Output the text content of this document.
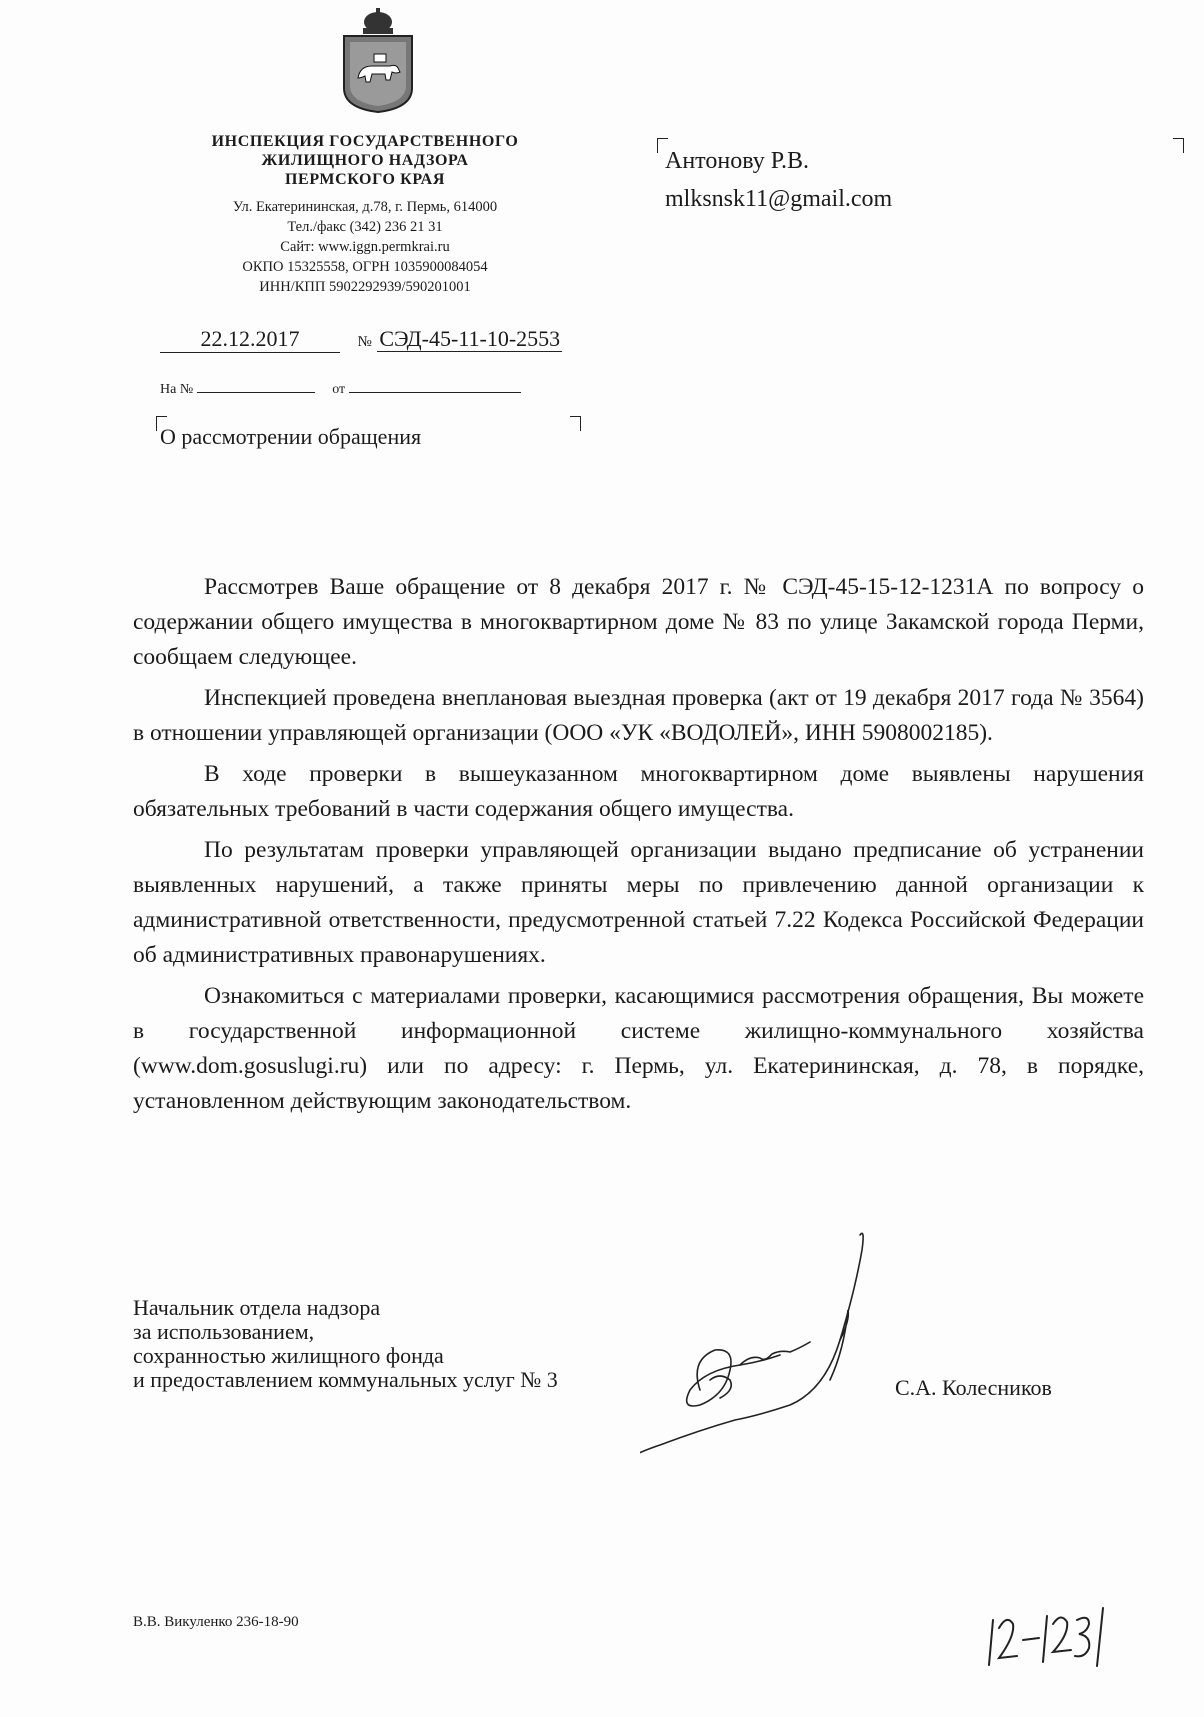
ИНСПЕКЦИЯ ГОСУДАРСТВЕННОГО
ЖИЛИЩНОГО НАДЗОРА
ПЕРМСКОГО КРАЯ
Ул. Екатерининская, д.78, г. Пермь, 614000
Тел./факс (342) 236 21 31
Сайт: www.iggn.permkrai.ru
ОКПО 15325558, ОГРН 1035900084054
ИНН/КПП 5902292939/590201001
22.12.2017	№ СЭД-45-11-10-2553
На №	от
О рассмотрении обращения
Антонову Р.В.
mlksnsk11@gmail.com

Рассмотрев Ваше обращение от 8 декабря 2017 г. № СЭД-45-15-12-1231А по вопросу о содержании общего имущества в многоквартирном доме № 83 по улице Закамской города Перми, сообщаем следующее.

Инспекцией проведена внеплановая выездная проверка (акт от 19 декабря 2017 года № 3564) в отношении управляющей организации (ООО «УК «ВОДОЛЕЙ», ИНН 5908002185).

В ходе проверки в вышеуказанном многоквартирном доме выявлены нарушения обязательных требований в части содержания общего имущества.

По результатам проверки управляющей организации выдано предписание об устранении выявленных нарушений, а также приняты меры по привлечению данной организации к административной ответственности, предусмотренной статьей 7.22 Кодекса Российской Федерации об административных правонарушениях.

Ознакомиться с материалами проверки, касающимися рассмотрения обращения, Вы можете в государственной информационной системе жилищно-коммунального хозяйства (www.dom.gosuslugi.ru) или по адресу: г. Пермь, ул. Екатерининская, д. 78, в порядке, установленном действующим законодательством.

Начальник отдела надзора
за использованием,
сохранностью жилищного фонда
и предоставлением коммунальных услуг № 3	С.А. Колесников
В.В. Викуленко 236-18-90
